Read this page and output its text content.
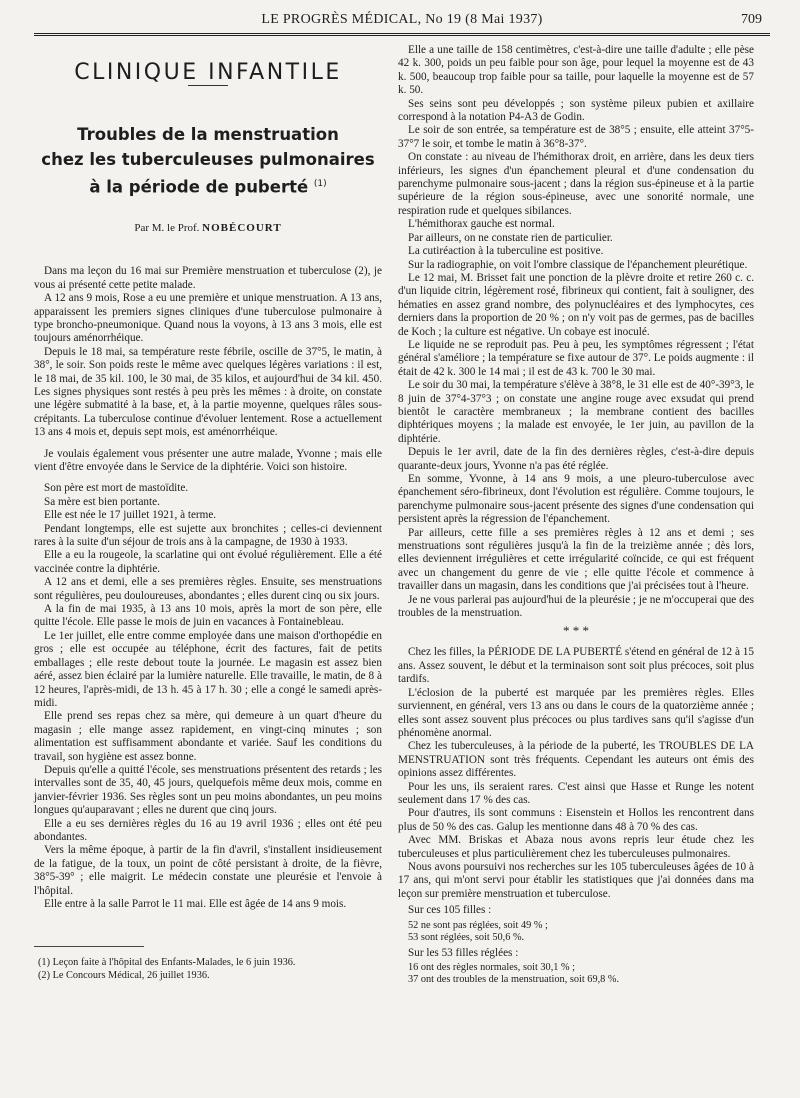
LE PROGRÈS MÉDICAL, No 19 (8 Mai 1937)	709
CLINIQUE INFANTILE
Troubles de la menstruation
chez les tuberculeuses pulmonaires
à la période de puberté $^{(1)}$
Par M. le Prof. NOBÉCOURT

Dans ma leçon du 16 mai sur Première menstruation et tuberculose (2), je vous ai présenté cette petite malade.

A 12 ans 9 mois, Rose a eu une première et unique menstruation. A 13 ans, apparaissent les premiers signes cliniques d'une tuberculose pulmonaire à type broncho-pneumonique. Quand nous la voyons, à 13 ans 3 mois, elle est toujours aménorrhéique.

Depuis le 18 mai, sa température reste fébrile, oscille de 37°5, le matin, à 38°, le soir. Son poids reste le même avec quelques légères variations : il est, le 18 mai, de 35 kil. 100, le 30 mai, de 35 kilos, et aujourd'hui de 34 kil. 450. Les signes physiques sont restés à peu près les mêmes : à droite, on constate une légère submatité à la base, et, à la partie moyenne, quelques râles sous-crépitants. La tuberculose continue d'évoluer lentement. Rose a actuellement 13 ans 4 mois et, depuis sept mois, est aménorrhéique.

Je voulais également vous présenter une autre malade, Yvonne ; mais elle vient d'être envoyée dans le Service de la diphtérie. Voici son histoire.

Son père est mort de mastoïdite.

Sa mère est bien portante.

Elle est née le 17 juillet 1921, à terme.

Pendant longtemps, elle est sujette aux bronchites ; celles-ci deviennent rares à la suite d'un séjour de trois ans à la campagne, de 1930 à 1933.

Elle a eu la rougeole, la scarlatine qui ont évolué régulièrement. Elle a été vaccinée contre la diphtérie.

A 12 ans et demi, elle a ses premières règles. Ensuite, ses menstruations sont régulières, peu douloureuses, abondantes ; elles durent cinq ou six jours.

A la fin de mai 1935, à 13 ans 10 mois, après la mort de son père, elle quitte l'école. Elle passe le mois de juin en vacances à Fontainebleau.

Le 1er juillet, elle entre comme employée dans une maison d'orthopédie en gros ; elle est occupée au téléphone, écrit des factures, fait de petits emballages ; elle reste debout toute la journée. Le magasin est assez bien aéré, assez bien éclairé par la lumière naturelle. Elle travaille, le matin, de 8 à 12 heures, l'après-midi, de 13 h. 45 à 17 h. 30 ; elle a congé le samedi après-midi.

Elle prend ses repas chez sa mère, qui demeure à un quart d'heure du magasin ; elle mange assez rapidement, en vingt-cinq minutes ; son alimentation est suffisamment abondante et variée. Sauf les conditions du travail, son hygiène est assez bonne.

Depuis qu'elle a quitté l'école, ses menstruations présentent des retards ; les intervalles sont de 35, 40, 45 jours, quelquefois même deux mois, comme en janvier-février 1936. Ses règles sont un peu moins abondantes, un peu moins longues qu'auparavant ; elles ne durent que cinq jours.

Elle a eu ses dernières règles du 16 au 19 avril 1936 ; elles ont été peu abondantes.

Vers la même époque, à partir de la fin d'avril, s'installent insidieusement de la fatigue, de la toux, un point de côté persistant à droite, de la fièvre, 38°5-39° ; elle maigrit. Le médecin constate une pleurésie et l'envoie à l'hôpital.

Elle entre à la salle Parrot le 11 mai. Elle est âgée de 14 ans 9 mois.

Elle a une taille de 158 centimètres, c'est-à-dire une taille d'adulte ; elle pèse 42 k. 300, poids un peu faible pour son âge, pour lequel la moyenne est de 43 k. 500, beaucoup trop faible pour sa taille, pour laquelle la moyenne est de 57 k. 50.

Ses seins sont peu développés ; son système pileux pubien et axillaire correspond à la notation P4-A3 de Godin.

Le soir de son entrée, sa température est de 38°5 ; ensuite, elle atteint 37°5-37°7 le soir, et tombe le matin à 36°8-37°.

On constate : au niveau de l'hémithorax droit, en arrière, dans les deux tiers inférieurs, les signes d'un épanchement pleural et d'une condensation du parenchyme pulmonaire sous-jacent ; dans la région sus-épineuse et à la partie supérieure de la région sous-épineuse, avec une sonorité normale, une respiration rude et quelques sibilances.

L'hémithorax gauche est normal.

Par ailleurs, on ne constate rien de particulier.

La cutiréaction à la tuberculine est positive.

Sur la radiographie, on voit l'ombre classique de l'épanchement pleurétique.

Le 12 mai, M. Brisset fait une ponction de la plèvre droite et retire 260 c. c. d'un liquide citrin, légèrement rosé, fibrineux qui contient, fait à souligner, des hématies en assez grand nombre, des polynucléaires et des lymphocytes, ces derniers dans la proportion de 20 % ; on n'y voit pas de germes, pas de bacilles de Koch ; la culture est négative. Un cobaye est inoculé.

Le liquide ne se reproduit pas. Peu à peu, les symptômes régressent ; l'état général s'améliore ; la température se fixe autour de 37°. Le poids augmente : il était de 42 k. 300 le 14 mai ; il est de 43 k. 700 le 30 mai.

Le soir du 30 mai, la température s'élève à 38°8, le 31 elle est de 40°-39°3, le 8 juin de 37°4-37°3 ; on constate une angine rouge avec exsudat qui prend bientôt le caractère membraneux ; la membrane contient des bacilles diphtériques moyens ; la malade est envoyée, le 1er juin, au pavillon de la diphtérie.

Depuis le 1er avril, date de la fin des dernières règles, c'est-à-dire depuis quarante-deux jours, Yvonne n'a pas été réglée.

En somme, Yvonne, à 14 ans 9 mois, a une pleuro-tuberculose avec épanchement séro-fibrineux, dont l'évolution est régulière. Comme toujours, le parenchyme pulmonaire sous-jacent présente des signes d'une condensation qui persistent après la régression de l'épanchement.

Par ailleurs, cette fille a ses premières règles à 12 ans et demi ; ses menstruations sont régulières jusqu'à la fin de la treizième année ; dès lors, elles deviennent irrégulières et cette irrégularité coïncide, ce qui est fréquent avec un changement du genre de vie ; elle quitte l'école et commence à travailler dans un magasin, dans les conditions que j'ai précisées tout à l'heure.

Je ne vous parlerai pas aujourd'hui de la pleurésie ; je ne m'occuperai que des troubles de la menstruation.

* * *

Chez les filles, la PÉRIODE DE LA PUBERTÉ s'étend en général de 12 à 15 ans. Assez souvent, le début et la terminaison sont soit plus précoces, soit plus tardifs.

L'éclosion de la puberté est marquée par les premières règles. Elles surviennent, en général, vers 13 ans ou dans le cours de la quatorzième année ; elles sont assez souvent plus précoces ou plus tardives sans qu'il s'agisse d'un phénomène anormal.

Chez les tuberculeuses, à la période de la puberté, les TROUBLES DE LA MENSTRUATION sont très fréquents. Cependant les auteurs ont émis des opinions assez différentes.

Pour les uns, ils seraient rares. C'est ainsi que Hasse et Runge les notent seulement dans 17 % des cas.

Pour d'autres, ils sont communs : Eisenstein et Hollos les rencontrent dans plus de 50 % des cas. Galup les mentionne dans 48 à 70 % des cas.

Avec MM. Briskas et Abaza nous avons repris leur étude chez les tuberculeuses et plus particulièrement chez les tuberculeuses pulmonaires.

Nous avons poursuivi nos recherches sur les 105 tuberculeuses âgées de 10 à 17 ans, qui m'ont servi pour établir les statistiques que j'ai données dans ma leçon sur première menstruation et tuberculose.

Sur ces 105 filles :

52 ne sont pas réglées, soit 49 % ;

53 sont réglées, soit 50,6 %.

Sur les 53 filles réglées :

16 ont des règles normales, soit 30,1 % ;

37 ont des troubles de la menstruation, soit 69,8 %.

(1) Leçon faite à l'hôpital des Enfants-Malades, le 6 juin 1936.
(2) Le Concours Médical, 26 juillet 1936.
